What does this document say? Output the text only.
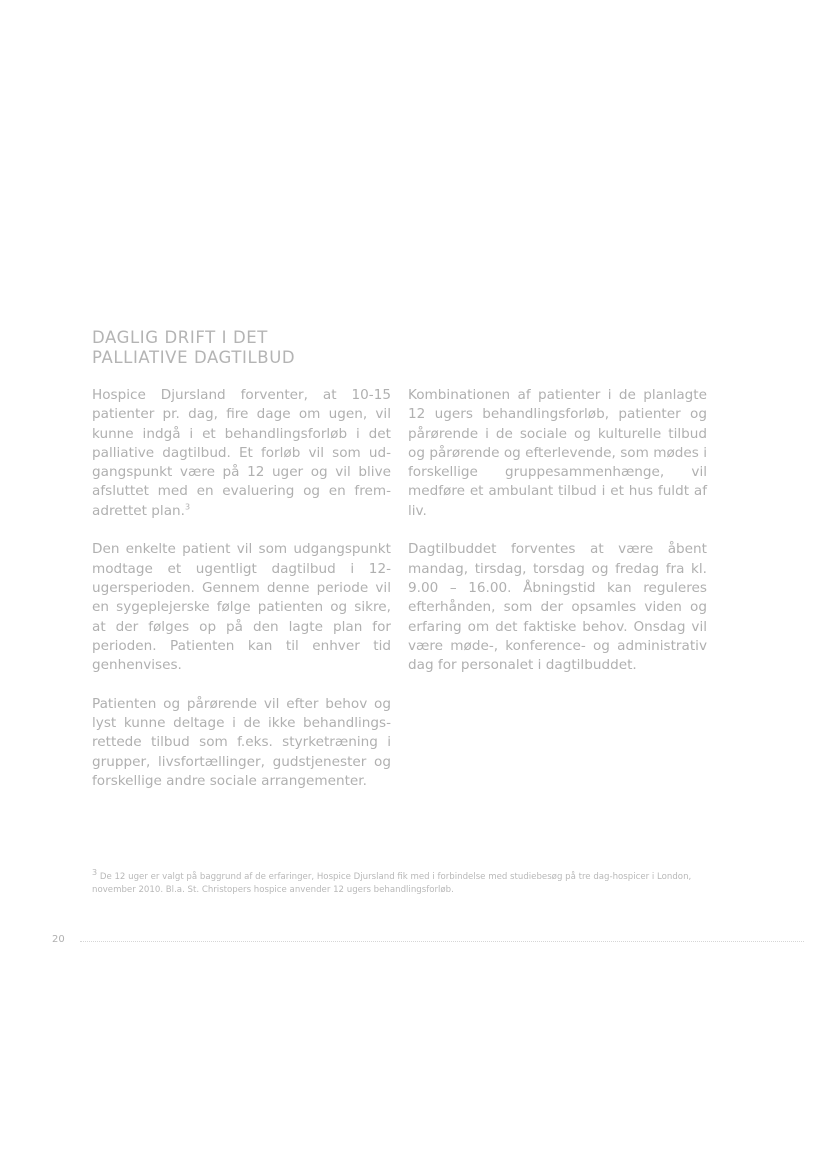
DAGLIG DRIFT I DET
PALLIATIVE DAGTILBUD

Hospice Djursland forventer, at 10-15 patienter pr. dag, fire dage om ugen, vil kunne indgå i et behandlingsforløb i det palliative dagtilbud. Et forløb vil som udgangspunkt være på 12 uger og vil blive afsluttet med en evaluering og en fremadrettet plan.$^3$

Den enkelte patient vil som udgangspunkt modtage et ugentligt dagtilbud i 12-ugersperioden. Gennem denne periode vil en sygeplejerske følge patienten og sikre, at der følges op på den lagte plan for perioden. Patienten kan til enhver tid genhenvises.

Patienten og pårørende vil efter behov og lyst kunne deltage i de ikke behandlingsrettede tilbud som f.eks. styrketræning i grupper, livsfortællinger, gudstjenester og forskellige andre sociale arrangementer.

Kombinationen af patienter i de planlagte 12 ugers behandlingsforløb, patienter og pårørende i de sociale og kulturelle tilbud og pårørende og efterlevende, som mødes i forskellige gruppesammenhænge, vil medføre et ambulant tilbud i et hus fuldt af liv.

Dagtilbuddet forventes at være åbent mandag, tirsdag, torsdag og fredag fra kl. 9.00 – 16.00. Åbningstid kan reguleres efterhånden, som der opsamles viden og erfaring om det faktiske behov. Onsdag vil være møde-, konference- og administrativ dag for personalet i dagtilbuddet.

$^3$ De 12 uger er valgt på baggrund af de erfaringer, Hospice Djursland fik med i forbindelse med studiebesøg på tre dag-hospicer i London, november 2010. Bl.a. St. Christopers hospice anvender 12 ugers behandlingsforløb.
20
